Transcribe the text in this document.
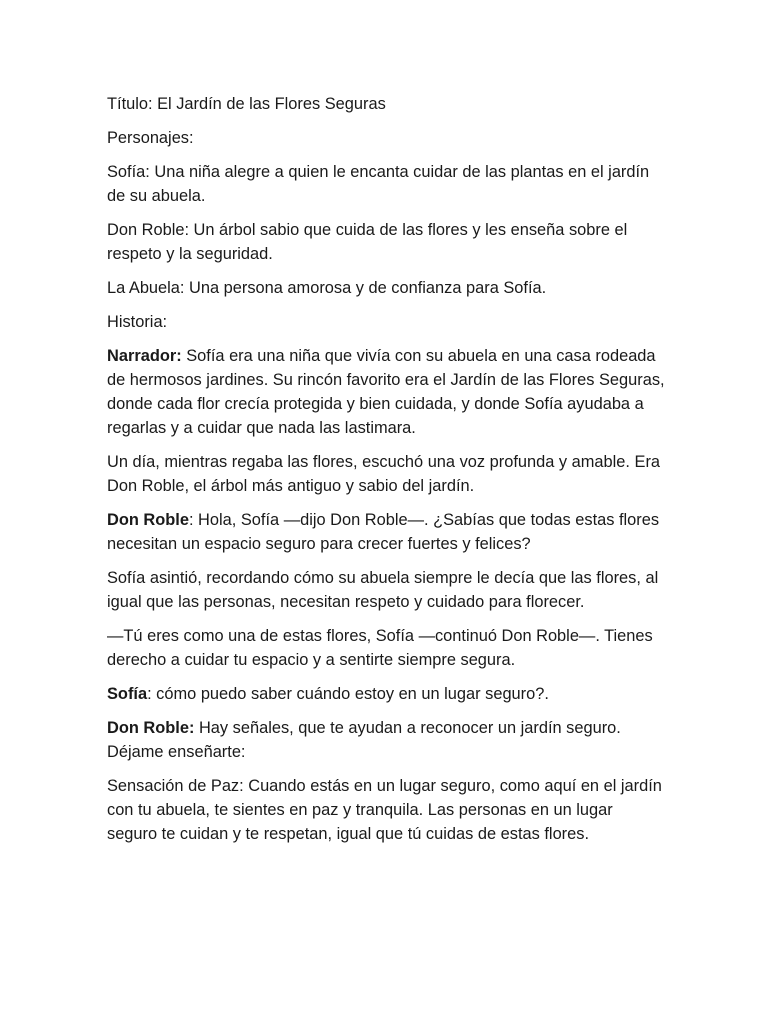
Título: El Jardín de las Flores Seguras

Personajes:

Sofía: Una niña alegre a quien le encanta cuidar de las plantas en el jardín de su abuela.

Don Roble: Un árbol sabio que cuida de las flores y les enseña sobre el respeto y la seguridad.

La Abuela: Una persona amorosa y de confianza para Sofía.

Historia:

Narrador: Sofía era una niña que vivía con su abuela en una casa rodeada de hermosos jardines. Su rincón favorito era el Jardín de las Flores Seguras, donde cada flor crecía protegida y bien cuidada, y donde Sofía ayudaba a regarlas y a cuidar que nada las lastimara.

Un día, mientras regaba las flores, escuchó una voz profunda y amable. Era Don Roble, el árbol más antiguo y sabio del jardín.

Don Roble: Hola, Sofía —dijo Don Roble—. ¿Sabías que todas estas flores necesitan un espacio seguro para crecer fuertes y felices?

Sofía asintió, recordando cómo su abuela siempre le decía que las flores, al igual que las personas, necesitan respeto y cuidado para florecer.

—Tú eres como una de estas flores, Sofía —continuó Don Roble—. Tienes derecho a cuidar tu espacio y a sentirte siempre segura.

Sofía: cómo puedo saber cuándo estoy en un lugar seguro?.

Don Roble: Hay señales, que te ayudan a reconocer un jardín seguro. Déjame enseñarte:

Sensación de Paz: Cuando estás en un lugar seguro, como aquí en el jardín con tu abuela, te sientes en paz y tranquila. Las personas en un lugar seguro te cuidan y te respetan, igual que tú cuidas de estas flores.
